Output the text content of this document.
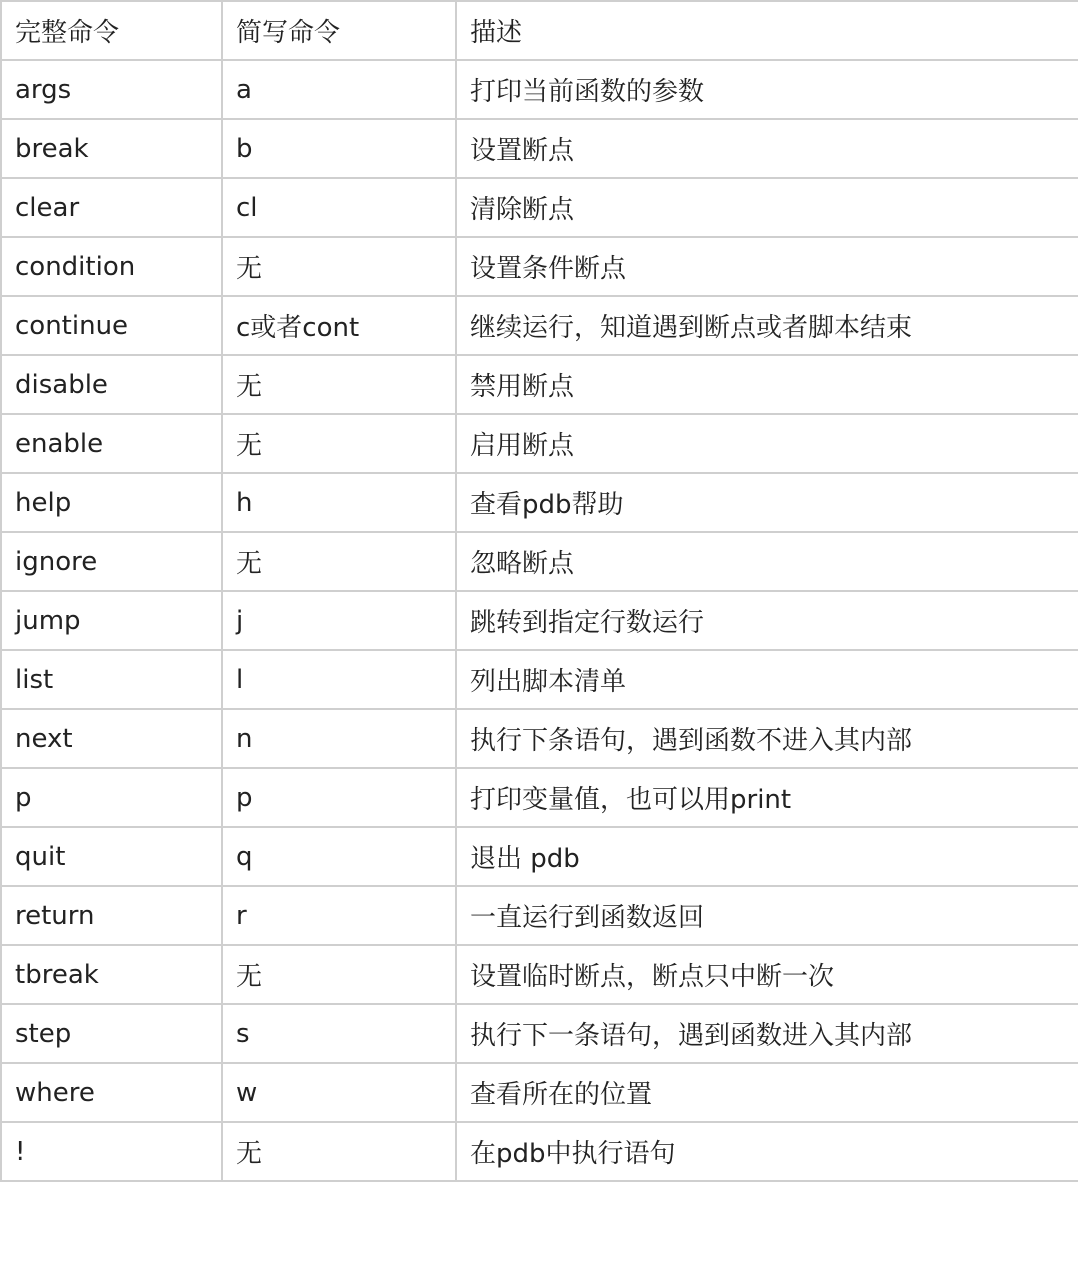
完整命令	简写命令	描述
args	a	打印当前函数的参数
break	b	设置断点
clear	cl	清除断点
condition	无	设置条件断点
continue	c或者cont	继续运行，知道遇到断点或者脚本结束
disable	无	禁用断点
enable	无	启用断点
help	h	查看pdb帮助
ignore	无	忽略断点
jump	j	跳转到指定行数运行
list	l	列出脚本清单
next	n	执行下条语句，遇到函数不进入其内部
p	p	打印变量值，也可以用print
quit	q	退出 pdb
return	r	一直运行到函数返回
tbreak	无	设置临时断点，断点只中断一次
step	s	执行下一条语句，遇到函数进入其内部
where	w	查看所在的位置
!	无	在pdb中执行语句
